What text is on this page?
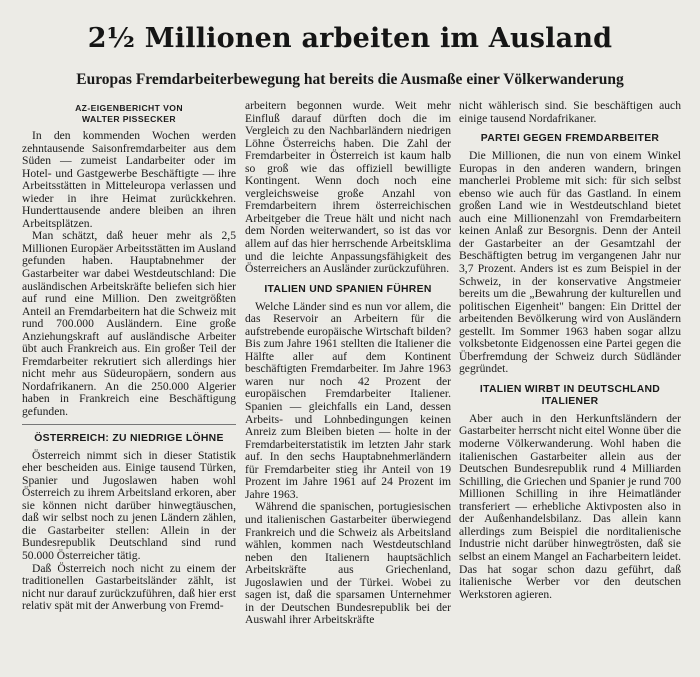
2½ Millionen arbeiten im Ausland
Europas Fremdarbeiterbewegung hat bereits die Ausmaße einer Völkerwanderung
AZ-EIGENBERICHT VON
WALTER PISSECKER

In den kommenden Wochen werden zehntausende Saisonfremdarbeiter aus dem Süden — zumeist Landarbeiter oder im Hotel- und Gastgewerbe Beschäftigte — ihre Arbeitsstätten in Mitteleuropa verlassen und wieder in ihre Heimat zurückkehren. Hunderttausende andere bleiben an ihren Arbeitsplätzen.

Man schätzt, daß heuer mehr als 2,5 Millionen Europäer Arbeitsstätten im Ausland gefunden haben. Hauptabnehmer der Gastarbeiter war dabei Westdeutschland: Die ausländischen Arbeitskräfte beliefen sich hier auf rund eine Million. Den zweitgrößten Anteil an Fremdarbeitern hat die Schweiz mit rund 700.000 Ausländern. Eine große Anziehungskraft auf ausländische Arbeiter übt auch Frankreich aus. Ein großer Teil der Fremdarbeiter rekrutiert sich allerdings hier nicht mehr aus Südeuropäern, sondern aus Nordafrikanern. An die 250.000 Algerier haben in Frankreich eine Beschäftigung gefunden.

ÖSTERREICH: ZU NIEDRIGE LÖHNE

Österreich nimmt sich in dieser Statistik eher bescheiden aus. Einige tausend Türken, Spanier und Jugoslawen haben wohl Österreich zu ihrem Arbeitsland erkoren, aber sie können nicht darüber hinwegtäuschen, daß wir selbst noch zu jenen Ländern zählen, die Gastarbeiter stellen: Allein in der Bundesrepublik Deutschland sind rund 50.000 Österreicher tätig.

Daß Österreich noch nicht zu einem der traditionellen Gastarbeitsländer zählt, ist nicht nur darauf zurückzuführen, daß hier erst relativ spät mit der Anwerbung von Fremd-

arbeitern begonnen wurde. Weit mehr Einfluß darauf dürften doch die im Vergleich zu den Nachbarländern niedrigen Löhne Österreichs haben. Die Zahl der Fremdarbeiter in Österreich ist kaum halb so groß wie das offiziell bewilligte Kontingent. Wenn doch noch eine vergleichsweise große Anzahl von Fremdarbeitern ihrem österreichischen Arbeitgeber die Treue hält und nicht nach dem Norden weiterwandert, so ist das vor allem auf das hier herrschende Arbeitsklima und die leichte Anpassungsfähigkeit des Österreichers an Ausländer zurückzuführen.

ITALIEN UND SPANIEN FÜHREN

Welche Länder sind es nun vor allem, die das Reservoir an Arbeitern für die aufstrebende europäische Wirtschaft bilden? Bis zum Jahre 1961 stellten die Italiener die Hälfte aller auf dem Kontinent beschäftigten Fremdarbeiter. Im Jahre 1963 waren nur noch 42 Prozent der europäischen Fremdarbeiter Italiener. Spanien — gleichfalls ein Land, dessen Arbeits- und Lohnbedingungen keinen Anreiz zum Bleiben bieten — holte in der Fremdarbeiterstatistik im letzten Jahr stark auf. In den sechs Hauptabnehmerländern für Fremdarbeiter stieg ihr Anteil von 19 Prozent im Jahre 1961 auf 24 Prozent im Jahre 1963.

Während die spanischen, portugiesischen und italienischen Gastarbeiter überwiegend Frankreich und die Schweiz als Arbeitsland wählen, kommen nach Westdeutschland neben den Italienern hauptsächlich Arbeitskräfte aus Griechenland, Jugoslawien und der Türkei. Wobei zu sagen ist, daß die sparsamen Unternehmer in der Deutschen Bundesrepublik bei der Auswahl ihrer Arbeitskräfte

nicht wählerisch sind. Sie beschäftigen auch einige tausend Nordafrikaner.

PARTEI GEGEN FREMDARBEITER

Die Millionen, die nun von einem Winkel Europas in den anderen wandern, bringen mancherlei Probleme mit sich: für sich selbst ebenso wie auch für das Gastland. In einem großen Land wie in Westdeutschland bietet auch eine Millionenzahl von Fremdarbeitern keinen Anlaß zur Besorgnis. Denn der Anteil der Gastarbeiter an der Gesamtzahl der Beschäftigten betrug im vergangenen Jahr nur 3,7 Prozent. Anders ist es zum Beispiel in der Schweiz, in der konservative Angstmeier bereits um die „Bewahrung der kulturellen und politischen Eigenheit" bangen: Ein Drittel der arbeitenden Bevölkerung wird von Ausländern gestellt. Im Sommer 1963 haben sogar allzu volksbetonte Eidgenossen eine Partei gegen die Überfremdung der Schweiz durch Südländer gegründet.

ITALIEN WIRBT IN DEUTSCHLAND ITALIENER

Aber auch in den Herkunftsländern der Gastarbeiter herrscht nicht eitel Wonne über die moderne Völkerwanderung. Wohl haben die italienischen Gastarbeiter allein aus der Deutschen Bundesrepublik rund 4 Milliarden Schilling, die Griechen und Spanier je rund 700 Millionen Schilling in ihre Heimatländer transferiert — erhebliche Aktivposten also in der Außenhandelsbilanz. Das allein kann allerdings zum Beispiel die norditalienische Industrie nicht darüber hinwegtrösten, daß sie selbst an einem Mangel an Facharbeitern leidet. Das hat sogar schon dazu geführt, daß italienische Werber vor den deutschen Werkstoren agieren.
